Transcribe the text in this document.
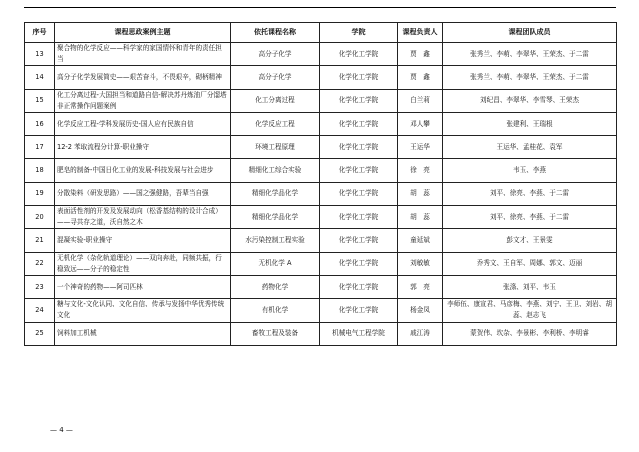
序号	课程思政案例主题	依托课程名称	学院	课程负责人	课程团队成员
13	聚合物的化学反应——科学家的家国情怀和青年的责任担当	高分子化学	化学化工学院	贾　鑫	张秀兰、李萌、李翠华、王荣杰、于二雷
14	高分子化学发展简史——艰苦奋斗，不畏艰辛，砌柄精神	高分子化学	化学化工学院	贾　鑫	张秀兰、李萌、李翠华、王荣杰、于二雷
15	化工分离过程-大国担当和道路自信-解决苏丹炼油厂分馏塔非正常操作问题案例	化工分离过程	化学化工学院	白兰莉	刘纪昌、李翠华、李雪琴、王荣杰
16	化学反应工程-学科发展历史-国人应有民族自信	化学反应工程	化学化工学院	邓人攀	张建利、王瑞根
17	12-2 苯取流程分计算-职业操守	环境工程原理	化学化工学院	王运华	王运华、孟桂花、袁军
18	肥皂的制备-中国日化工业的发展-科技发展与社会进步	精细化工综合实验	化学化工学院	徐　亮	韦玉、李燕
19	分散染料（研发思路）——国之强健路，吾辈当自强	精细化学品化学	化学化工学院	胡　蕊	刘平、徐亮、李燕、于二雷
20	表面活性剂的开发及发展动向（松香基结构的设计合成）——寻共存之道，沃自然之木	精细化学品化学	化学化工学院	胡　蕊	刘平、徐亮、李燕、于二雷
21	混凝实验-职业操守	水污染控制工程实验	化学化工学院	童延斌	彭文才、王景雯
22	无机化学（杂化轨道理论）——双向奔赴，同频共振，行稳致远——分子的稳定性	无机化学 A	化学化工学院	刘敏敏	乔秀文、王自军、周娜、郭文、迈丽
23	一个神奇的药物——阿司匹林	药物化学	化学化工学院	郭　亮	张涤、刘平、韦玉
24	糖与文化-文化认同、文化自信、传承与发扬中华优秀传统文化	有机化学	化学化工学院	杨金凤	李师伍、康宣君、马彦梅、李燕、刘宁、王卫、刘岩、胡蕊、赵志飞
25	饲料加工机械	畜牧工程及装备	机械电气工程学院	戚江涛	蒙贺伟、坎杂、李景彬、李利桥、李明睿
— 4 —
